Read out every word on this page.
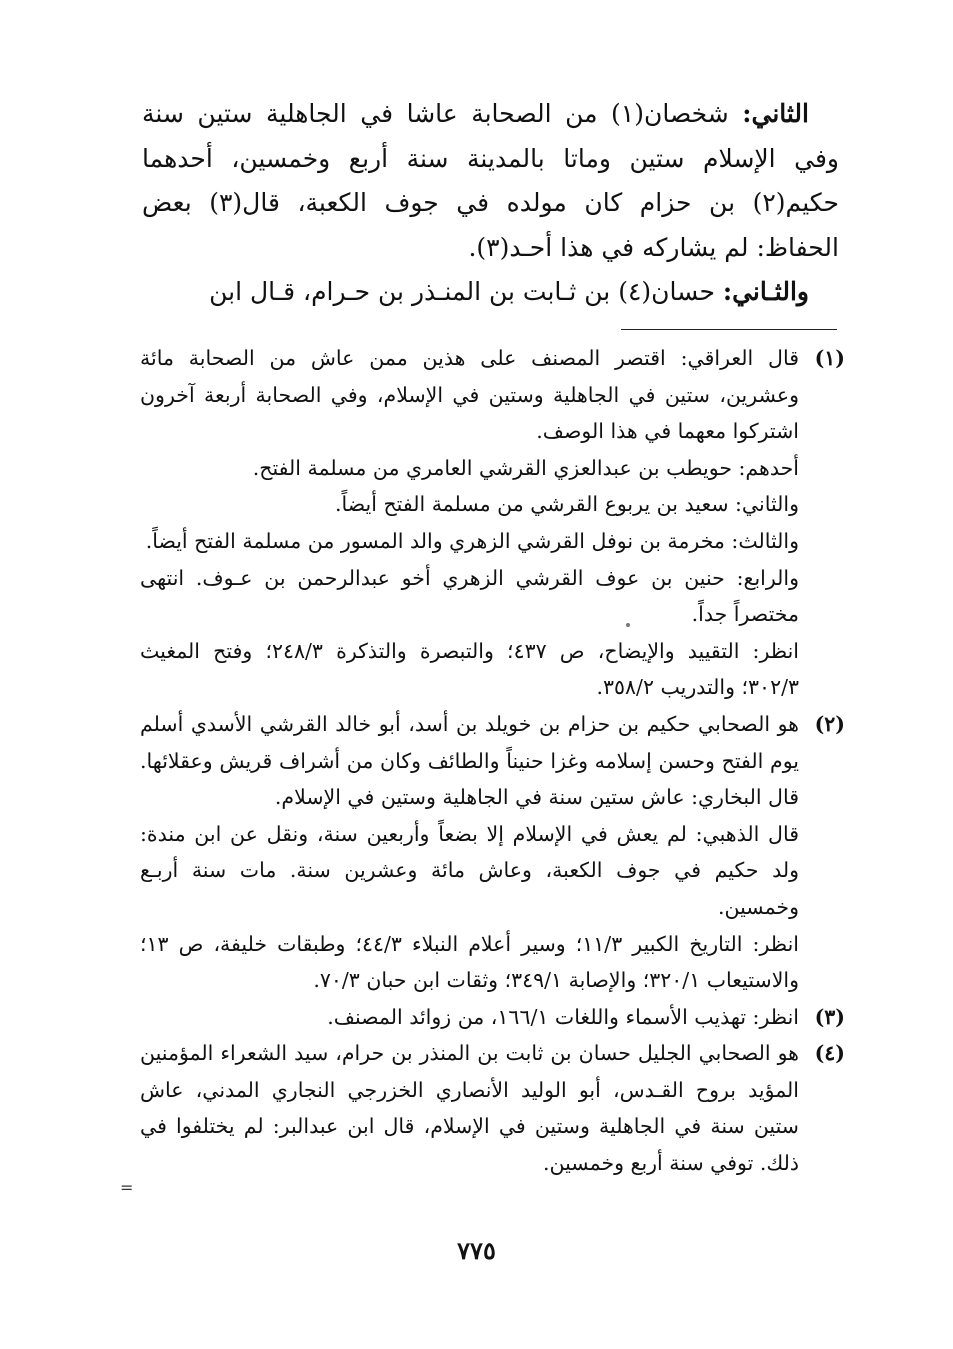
الثاني: شخصان(١) من الصحابة عاشا في الجاهلية ستين سنة وفي الإسلام ستين وماتا بالمدينة سنة أربع وخمسين، أحدهما حكيم(٢) بن حزام كان مولده في جوف الكعبة، قال(٣) بعض الحفاظ: لم يشاركه في هذا أحـد(٣).

والثـاني: حسان(٤) بن ثـابت بن المنـذر بن حـرام، قـال ابن

(١)

قال العراقي: اقتصر المصنف على هذين ممن عاش من الصحابة مائة وعشرين، ستين في الجاهلية وستين في الإسلام، وفي الصحابة أربعة آخرون اشتركوا معهما في هذا الوصف.

أحدهم: حويطب بن عبدالعزي القرشي العامري من مسلمة الفتح.

والثاني: سعيد بن يربوع القرشي من مسلمة الفتح أيضاً.

والثالث: مخرمة بن نوفل القرشي الزهري والد المسور من مسلمة الفتح أيضاً.

والرابع: حنين بن عوف القرشي الزهري أخو عبدالرحمن بن عـوف. انتهى مختصراً جداً.

انظر: التقييد والإيضاح، ص ٤٣٧؛ والتبصرة والتذكرة ٢٤٨/٣؛ وفتح المغيث ٣٠٢/٣؛ والتدريب ٣٥٨/٢.

(٢)

هو الصحابي حكيم بن حزام بن خويلد بن أسد، أبو خالد القرشي الأسدي أسلم يوم الفتح وحسن إسلامه وغزا حنيناً والطائف وكان من أشراف قريش وعقلائها. قال البخاري: عاش ستين سنة في الجاهلية وستين في الإسلام.

قال الذهبي: لم يعش في الإسلام إلا بضعاً وأربعين سنة، ونقل عن ابن مندة: ولد حكيم في جوف الكعبة، وعاش مائة وعشرين سنة. مات سنة أربـع وخمسين.

انظر: التاريخ الكبير ١١/٣؛ وسير أعلام النبلاء ٤٤/٣؛ وطبقات خليفة، ص ١٣؛ والاستيعاب ٣٢٠/١؛ والإصابة ٣٤٩/١؛ وثقات ابن حبان ٧٠/٣.

(٣)

انظر: تهذيب الأسماء واللغات ١٦٦/١، من زوائد المصنف.

(٤)

هو الصحابي الجليل حسان بن ثابت بن المنذر بن حرام، سيد الشعراء المؤمنين المؤيد بروح القـدس، أبو الوليد الأنصاري الخزرجي النجاري المدني، عاش ستين سنة في الجاهلية وستين في الإسلام، قال ابن عبدالبر: لم يختلفوا في ذلك. توفي سنة أربع وخمسين.

=
٧٧٥
